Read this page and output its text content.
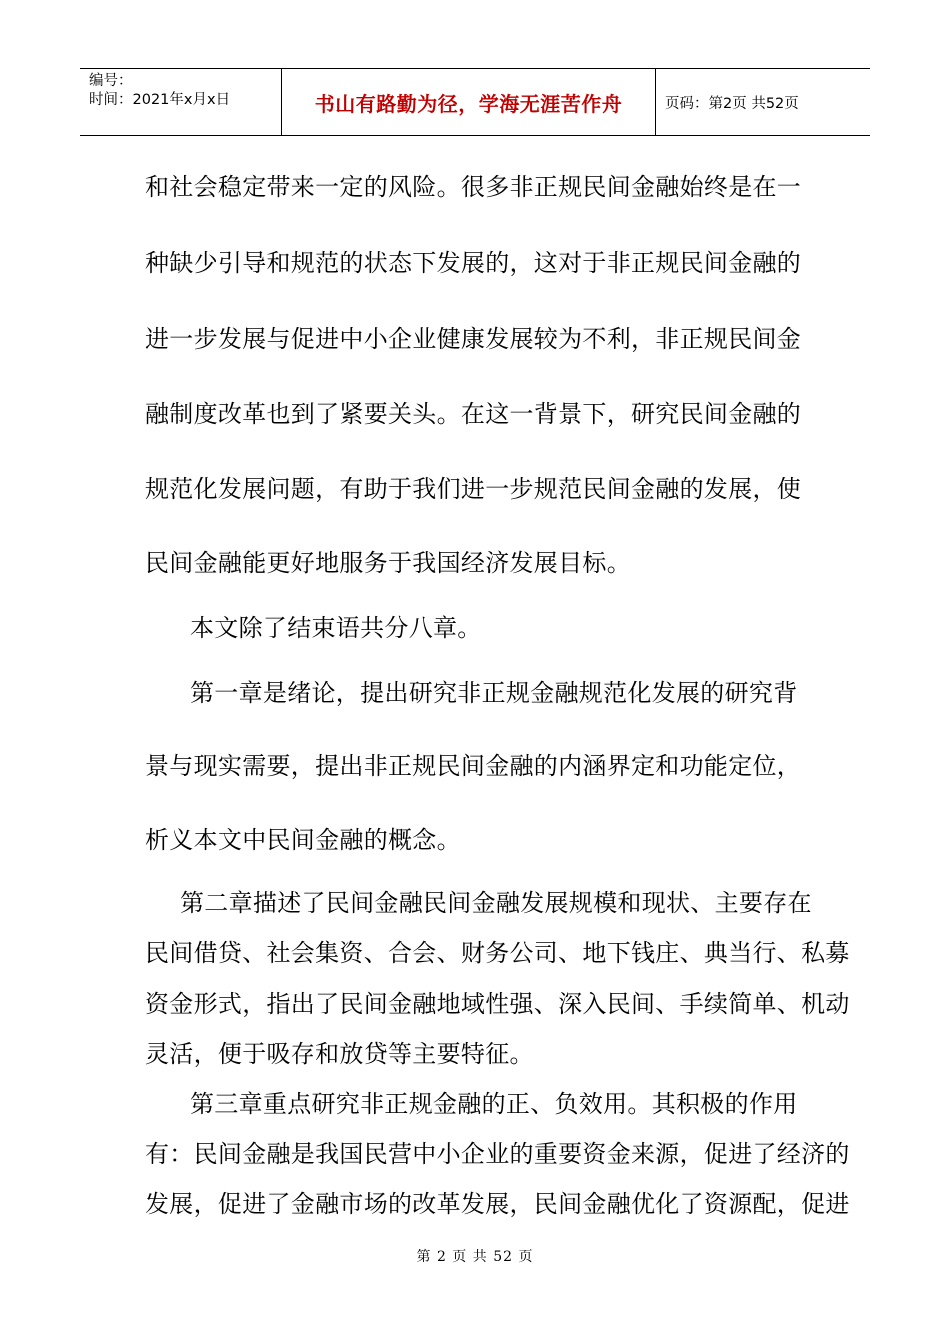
编号：
时间：2021年x月x日	书山有路勤为径，学海无涯苦作舟	页码：第2页 共52页
和社会稳定带来一定的风险。很多非正规民间金融始终是在一
种缺少引导和规范的状态下发展的，这对于非正规民间金融的
进一步发展与促进中小企业健康发展较为不利，非正规民间金
融制度改革也到了紧要关头。在这一背景下，研究民间金融的
规范化发展问题，有助于我们进一步规范民间金融的发展，使
民间金融能更好地服务于我国经济发展目标。
本文除了结束语共分八章。
第一章是绪论，提出研究非正规金融规范化发展的研究背
景与现实需要，提出非正规民间金融的内涵界定和功能定位，
析义本文中民间金融的概念。
第二章描述了民间金融民间金融发展规模和现状、主要存在
民间借贷、社会集资、合会、财务公司、地下钱庄、典当行、私募
资金形式，指出了民间金融地域性强、深入民间、手续简单、机动
灵活，便于吸存和放贷等主要特征。
第三章重点研究非正规金融的正、负效用。其积极的作用
有：民间金融是我国民营中小企业的重要资金来源，促进了经济的
发展，促进了金融市场的改革发展，民间金融优化了资源配，促进
第 2 页 共 52 页
